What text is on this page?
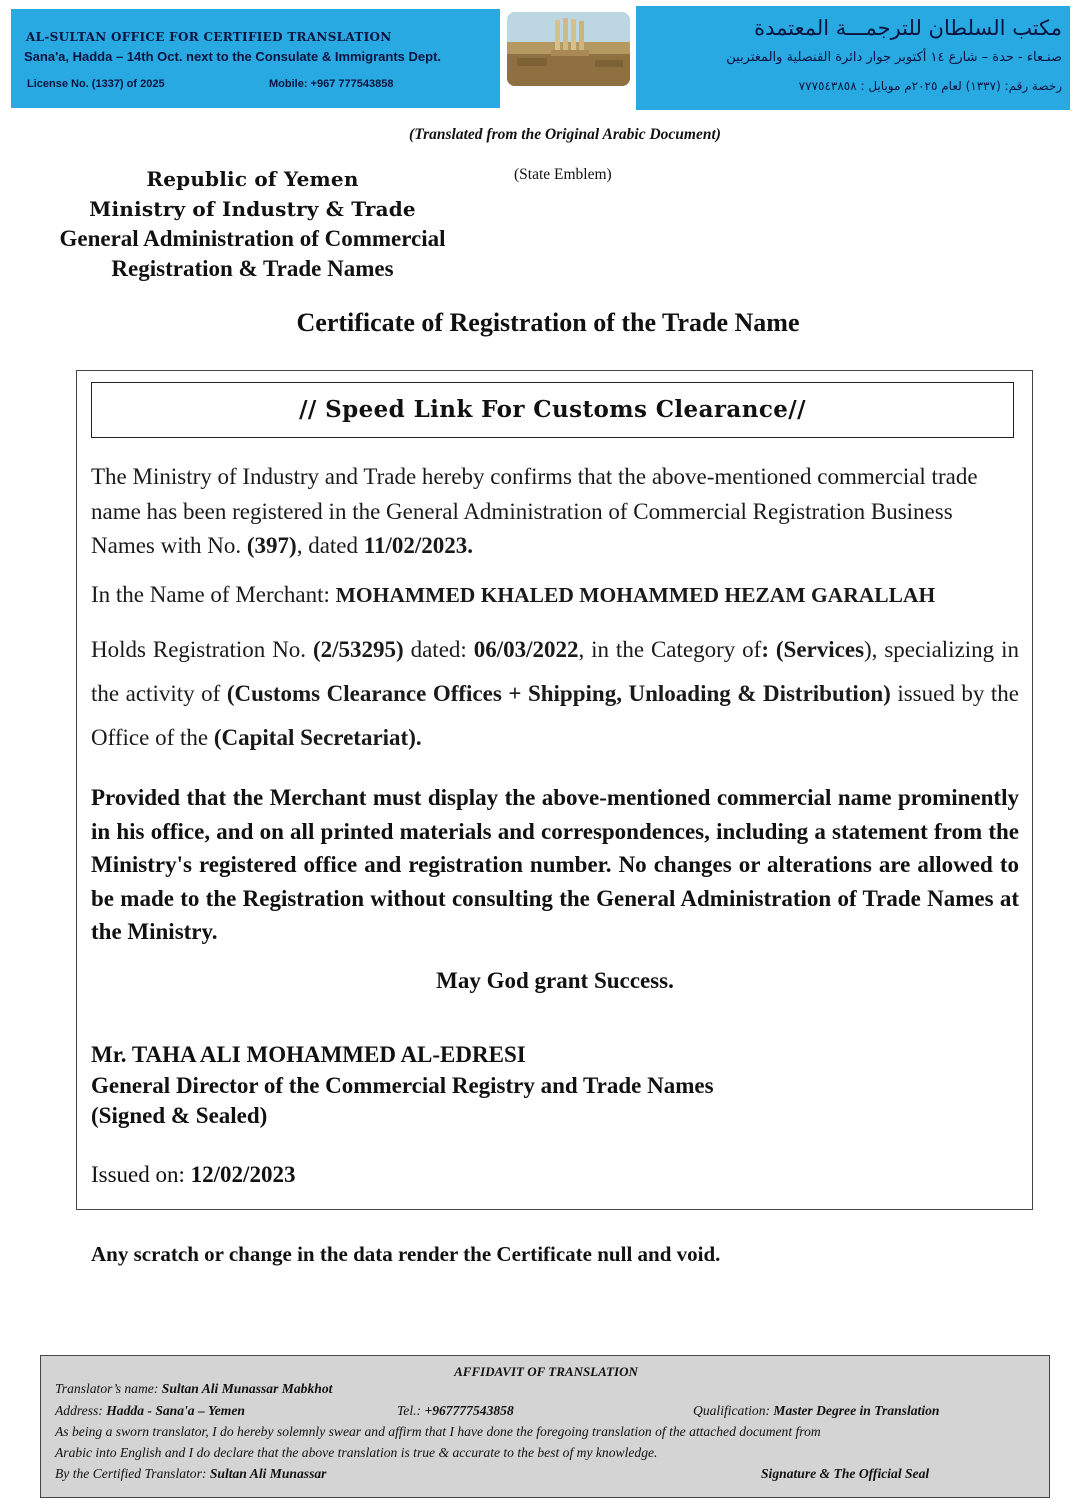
AL-SULTAN OFFICE FOR CERTIFIED TRANSLATION
Sana'a, Hadda – 14th Oct. next to the Consulate & Immigrants Dept.
License No. (1337) of 2025	Mobile: +967 777543858
مكتب السلطان للترجمـــة المعتمدة
صنـعاء - حدة – شارع ١٤ أكتوبر جوار دائرة القنصلية والمغتربين
رخصة رقم: (١٣٣٧) لعام ٢٠٢٥م موبايل : ٧٧٧٥٤٣٨٥٨
(Translated from the Original Arabic Document)
Republic of Yemen
Ministry of Industry & Trade
General Administration of Commercial
Registration & Trade Names
(State Emblem)
Certificate of Registration of the Trade Name
// Speed Link For Customs Clearance//
The Ministry of Industry and Trade hereby confirms that the above-mentioned commercial trade name has been registered in the General Administration of Commercial Registration Business Names with No. (397), dated 11/02/2023.
In the Name of Merchant: MOHAMMED KHALED MOHAMMED HEZAM GARALLAH
Holds Registration No. (2/53295) dated: 06/03/2022, in the Category of: (Services), specializing in the activity of (Customs Clearance Offices + Shipping, Unloading & Distribution) issued by the Office of the (Capital Secretariat).
Provided that the Merchant must display the above-mentioned commercial name prominently in his office, and on all printed materials and correspondences, including a statement from the Ministry's registered office and registration number. No changes or alterations are allowed to be made to the Registration without consulting the General Administration of Trade Names at the Ministry.
May God grant Success.
Mr. TAHA ALI MOHAMMED AL-EDRESI
General Director of the Commercial Registry and Trade Names
(Signed & Sealed)
Issued on: 12/02/2023
Any scratch or change in the data render the Certificate null and void.
AFFIDAVIT OF TRANSLATION
Translator’s name: Sultan Ali Munassar Mabkhot
Address: Hadda - Sana'a – Yemen	Tel.: +967777543858	Qualification: Master Degree in Translation
As being a sworn translator, I do hereby solemnly swear and affirm that I have done the foregoing translation of the attached document from
Arabic into English and I do declare that the above translation is true & accurate to the best of my knowledge.
By the Certified Translator: Sultan Ali Munassar	Signature & The Official Seal
